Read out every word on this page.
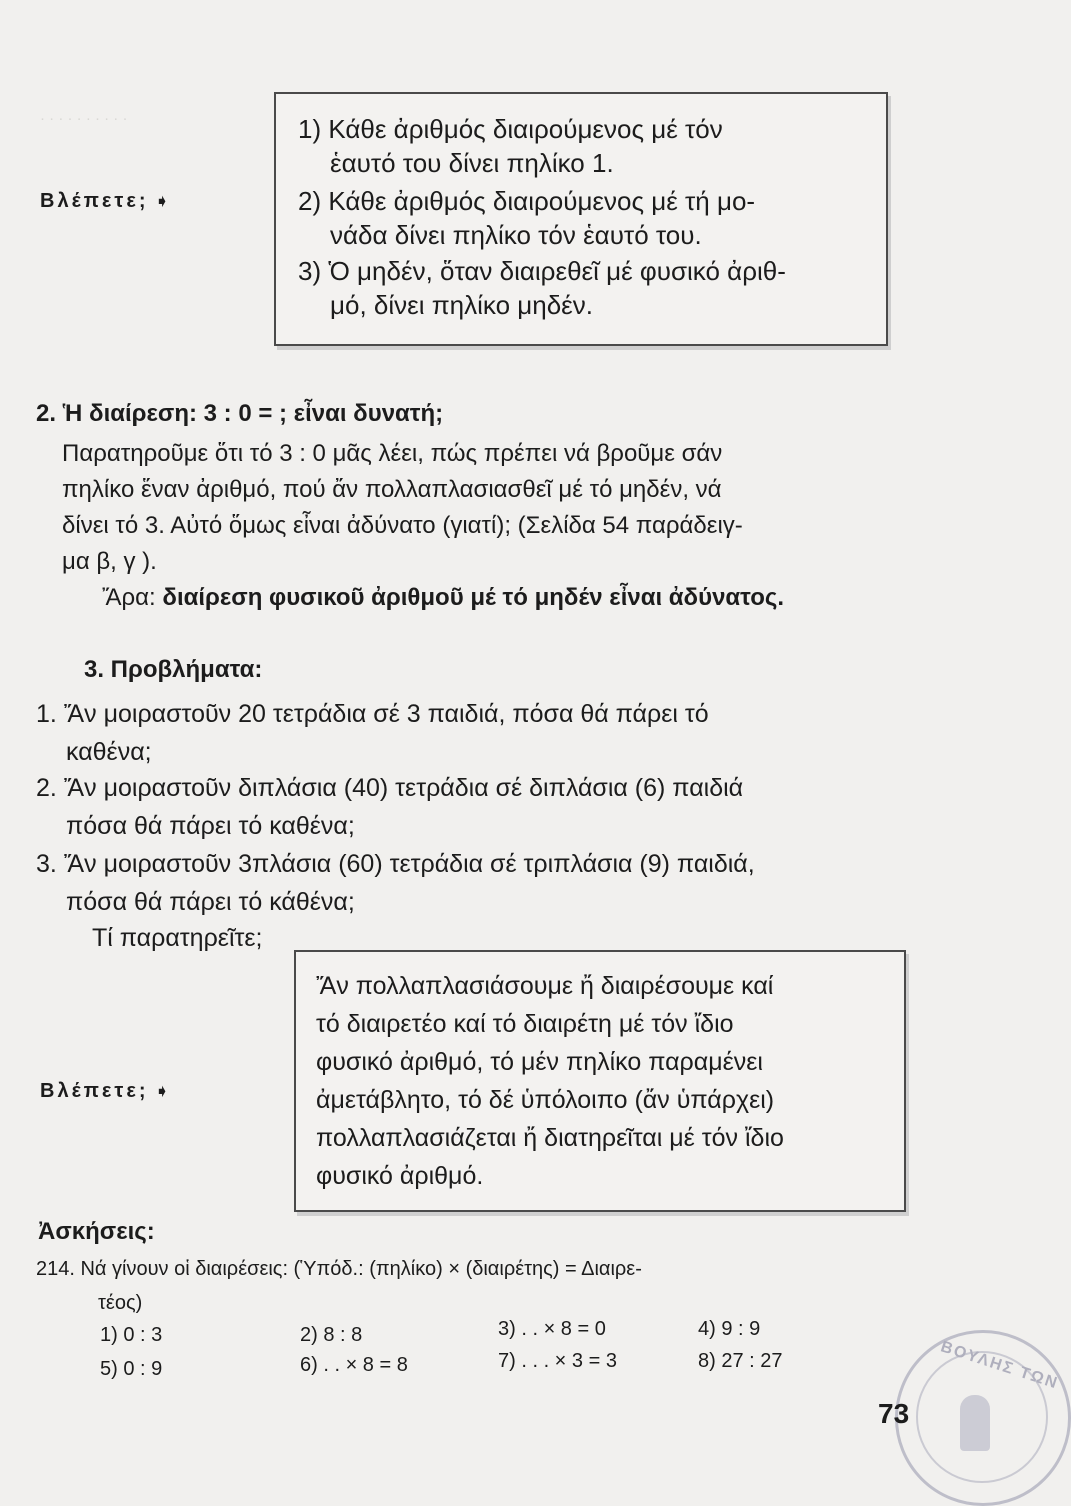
· · · · · · · · · ·	1) Κάθε ἀριθμός διαιρούμενος μέ τόν
ἑαυτό του δίνει πηλίκο 1.
2) Κάθε ἀριθμός διαιρούμενος μέ τή μο-
νάδα δίνει πηλίκο τόν ἑαυτό του.
3) Ὁ μηδέν, ὅταν διαιρεθεῖ μέ φυσικό ἀριθ-
μό, δίνει πηλίκο μηδέν.
Βλέπετε; ➧
2. Ἡ διαίρεση: 3 : 0 = ; εἶναι δυνατή;
Παρατηροῦμε ὅτι τό 3 : 0 μᾶς λέει, πώς πρέπει νά βροῦμε σάν
πηλίκο ἕναν ἀριθμό, πού ἄν πολλαπλασιασθεῖ μέ τό μηδέν, νά
δίνει τό 3. Αὐτό ὅμως εἶναι ἀδύνατο (γιατί); (Σελίδα 54 παράδειγ-
μα β, γ ).
Ἄρα: διαίρεση φυσικοῦ ἀριθμοῦ μέ τό μηδέν εἶναι ἀδύνατος.
3. Προβλήματα:
1. Ἄν μοιραστοῦν 20 τετράδια σέ 3 παιδιά, πόσα θά πάρει τό
καθένα;
2. Ἄν μοιραστοῦν διπλάσια (40) τετράδια σέ διπλάσια (6) παιδιά
πόσα θά πάρει τό καθένα;
3. Ἄν μοιραστοῦν 3πλάσια (60) τετράδια σέ τριπλάσια (9) παιδιά,
πόσα θά πάρει τό κάθένα;
Τί παρατηρεῖτε;
Ἄν πολλαπλασιάσουμε ἤ διαιρέσουμε καί
τό διαιρετέο καί τό διαιρέτη μέ τόν ἴδιο
φυσικό ἀριθμό, τό μέν πηλίκο παραμένει
ἀμετάβλητο, τό δέ ὑπόλοιπο (ἄν ὑπάρχει)
πολλαπλασιάζεται ἤ διατηρεῖται μέ τόν ἴδιο
φυσικό ἀριθμό.
Βλέπετε; ➧
Ἀσκήσεις:
214. Νά γίνουν οἱ διαιρέσεις: (Ὑπόδ.: (πηλίκο) × (διαιρέτης) = Διαιρε-
τέος)
1) 0 : 3	2) 8 : 8	3) . . × 8 = 0	4) 9 : 9
5) 0 : 9	6) . . × 8 = 8	7) . . . × 3 = 3	8) 27 : 27	ΒΟΥΛΗΣ ΤΩΝ
73
